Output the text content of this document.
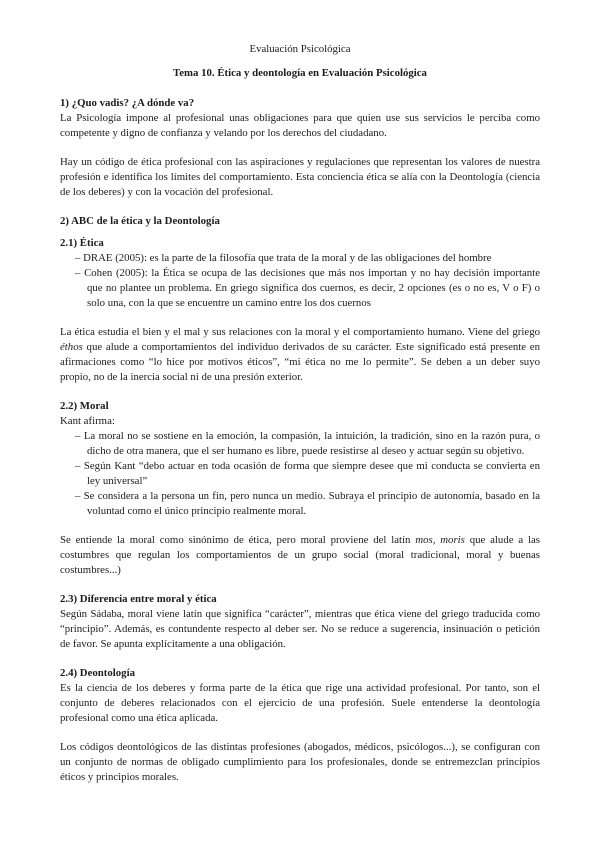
Evaluación Psicológica
Tema 10. Ética y deontología en Evaluación Psicológica
1) ¿Quo vadis? ¿A dónde va?

La Psicología impone al profesional unas obligaciones para que quien use sus servicios le perciba como competente y digno de confianza y velando por los derechos del ciudadano.

Hay un código de ética profesional con las aspiraciones y regulaciones que representan los valores de nuestra profesión e identifica los límites del comportamiento. Esta conciencia ética se alía con la Deontología (ciencia de los deberes) y con la vocación del profesional.

2) ABC de la ética y la Deontología
2.1) Ética
– DRAE (2005): es la parte de la filosofía que trata de la moral y de las obligaciones del hombre
– Cohen (2005): la Ética se ocupa de las decisiones que más nos importan y no hay decisión importante que no plantee un problema. En griego significa dos cuernos, es decir, 2 opciones (es o no es, V o F) o solo una, con la que se encuentre un camino entre los dos cuernos

La ética estudia el bien y el mal y sus relaciones con la moral y el comportamiento humano. Viene del griego éthos que alude a comportamientos del individuo derivados de su carácter. Este significado está presente en afirmaciones como “lo hice por motivos éticos”, “mi ética no me lo permite”. Se deben a un deber suyo propio, no de la inercia social ni de una presión exterior.

2.2) Moral

Kant afirma:

– La moral no se sostiene en la emoción, la compasión, la intuición, la tradición, sino en la razón pura, o dicho de otra manera, que el ser humano es libre, puede resistirse al deseo y actuar según su objetivo.
– Según Kant “debo actuar en toda ocasión de forma que siempre desee que mi conducta se convierta en ley universal”
– Se considera a la persona un fin, pero nunca un medio. Subraya el principio de autonomía, basado en la voluntad como el único principio realmente moral.

Se entiende la moral como sinónimo de ética, pero moral proviene del latín mos, moris que alude a las costumbres que regulan los comportamientos de un grupo social (moral tradicional, moral y buenas costumbres...)

2.3) Diferencia entre moral y ética

Según Sádaba, moral viene latín que significa “carácter”, mientras que ética viene del griego traducida como “principio”. Además, es contundente respecto al deber ser. No se reduce a sugerencia, insinuación o petición de favor. Se apunta explícitamente a una obligación.

2.4) Deontología

Es la ciencia de los deberes y forma parte de la ética que rige una actividad profesional. Por tanto, son el conjunto de deberes relacionados con el ejercicio de una profesión. Suele entenderse la deontología profesional como una ética aplicada.

Los códigos deontológicos de las distintas profesiones (abogados, médicos, psicólogos...), se configuran con un conjunto de normas de obligado cumplimiento para los profesionales, donde se entremezclan principios éticos y principios morales.
